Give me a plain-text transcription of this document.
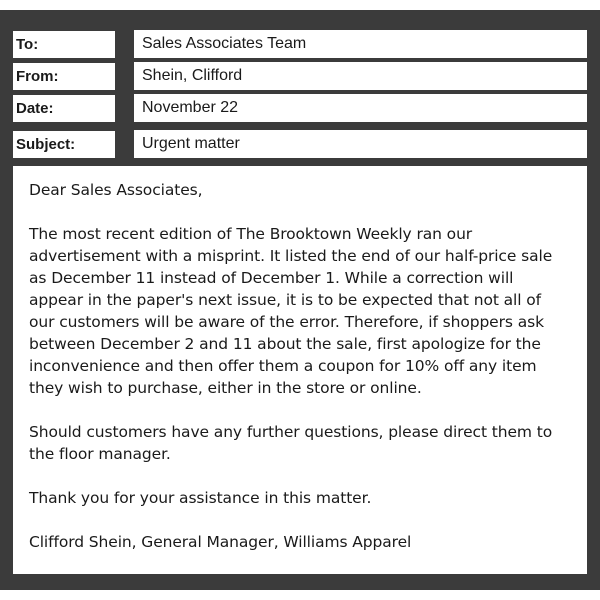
To:	Sales Associates Team
From:	Shein, Clifford
Date:	November 22
Subject:	Urgent matter

Dear Sales Associates,

The most recent edition of The Brooktown Weekly ran our advertisement with a misprint. It listed the end of our half-price sale as December 11 instead of December 1. While a correction will appear in the paper's next issue, it is to be expected that not all of our customers will be aware of the error. Therefore, if shoppers ask between December 2 and 11 about the sale, first apologize for the inconvenience and then offer them a coupon for 10% off any item they wish to purchase, either in the store or online.

Should customers have any further questions, please direct them to the floor manager.

Thank you for your assistance in this matter.

Clifford Shein, General Manager, Williams Apparel
